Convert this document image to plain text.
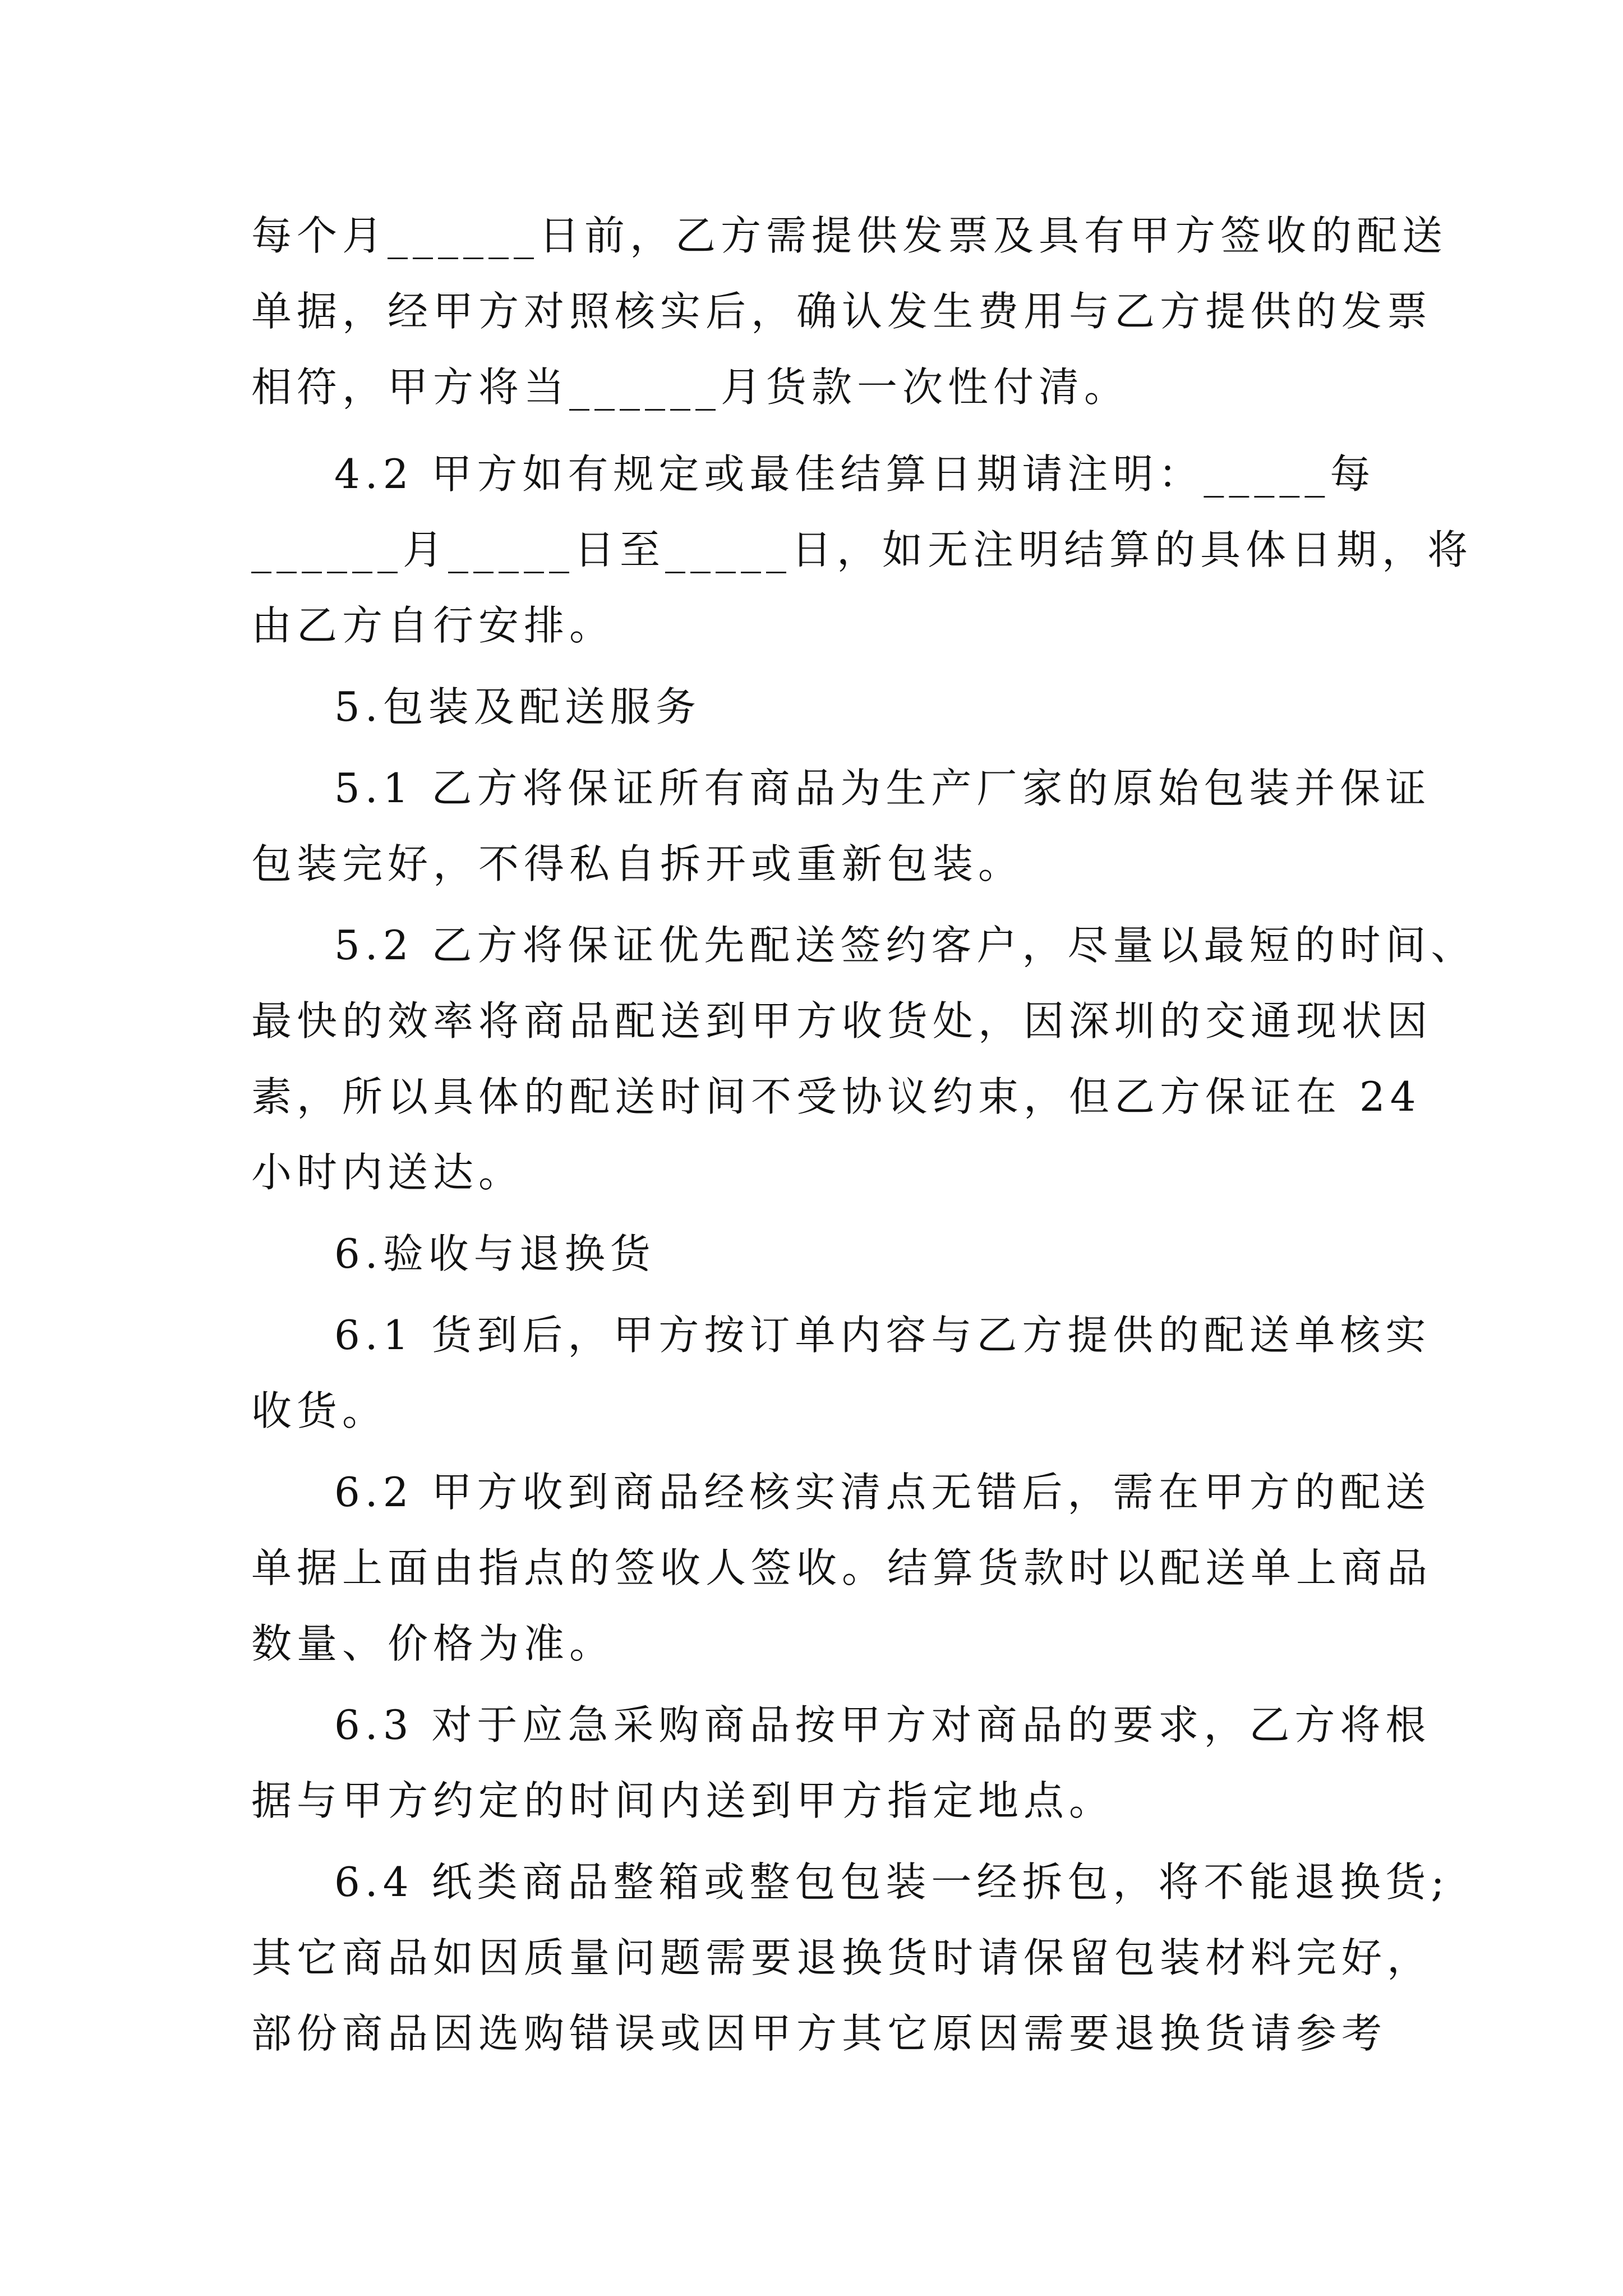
每个月______日前，乙方需提供发票及具有甲方签收的配送
单据，经甲方对照核实后，确认发生费用与乙方提供的发票
相符，甲方将当______月货款一次性付清。
4.2 甲方如有规定或最佳结算日期请注明：_____每
______月_____日至_____日，如无注明结算的具体日期，将
由乙方自行安排。
5.包装及配送服务
5.1 乙方将保证所有商品为生产厂家的原始包装并保证
包装完好，不得私自拆开或重新包装。
5.2 乙方将保证优先配送签约客户，尽量以最短的时间、
最快的效率将商品配送到甲方收货处，因深圳的交通现状因
素，所以具体的配送时间不受协议约束，但乙方保证在 24
小时内送达。
6.验收与退换货
6.1 货到后，甲方按订单内容与乙方提供的配送单核实
收货。
6.2 甲方收到商品经核实清点无错后，需在甲方的配送
单据上面由指点的签收人签收。结算货款时以配送单上商品
数量、价格为准。
6.3 对于应急采购商品按甲方对商品的要求，乙方将根
据与甲方约定的时间内送到甲方指定地点。
6.4 纸类商品整箱或整包包装一经拆包，将不能退换货;
其它商品如因质量问题需要退换货时请保留包装材料完好，
部份商品因选购错误或因甲方其它原因需要退换货请参考
